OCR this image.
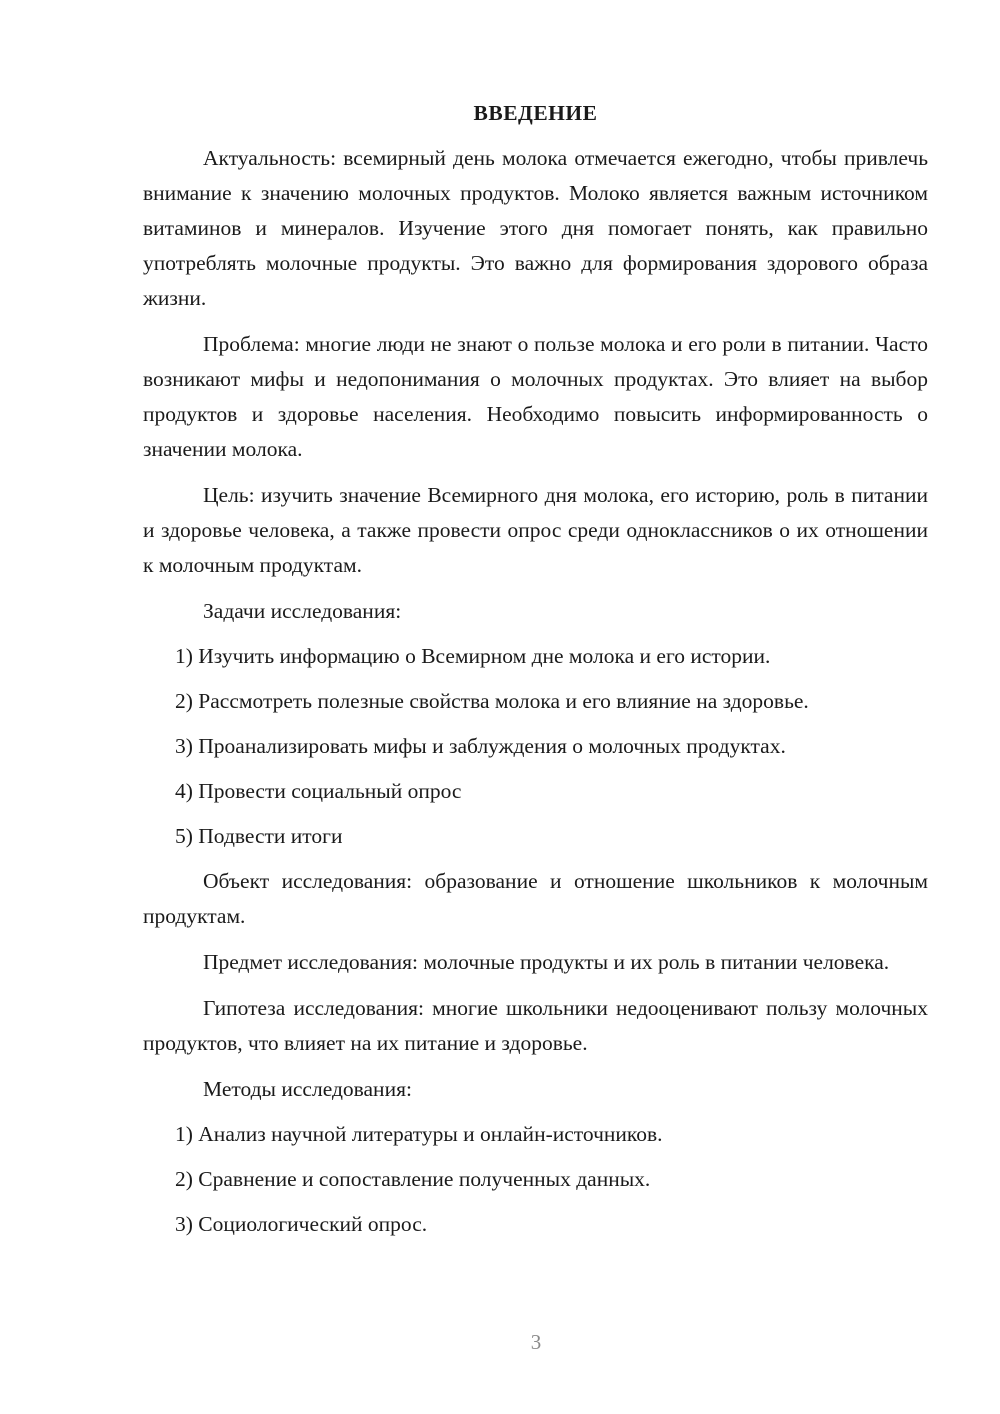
ВВЕДЕНИЕ

Актуальность: всемирный день молока отмечается ежегодно, чтобы привлечь внимание к значению молочных продуктов. Молоко является важным источником витаминов и минералов. Изучение этого дня помогает понять, как правильно употреблять молочные продукты. Это важно для формирования здорового образа жизни.

Проблема: многие люди не знают о пользе молока и его роли в питании. Часто возникают мифы и недопонимания о молочных продуктах. Это влияет на выбор продуктов и здоровье населения. Необходимо повысить информированность о значении молока.

Цель: изучить значение Всемирного дня молока, его историю, роль в питании и здоровье человека, а также провести опрос среди одноклассников о их отношении к молочным продуктам.

Задачи исследования:
1) Изучить информацию о Всемирном дне молока и его истории.
2) Рассмотреть полезные свойства молока и его влияние на здоровье.
3) Проанализировать мифы и заблуждения о молочных продуктах.
4) Провести социальный опрос
5) Подвести итоги

Объект исследования: образование и отношение школьников к молочным продуктам.

Предмет исследования: молочные продукты и их роль в питании человека.

Гипотеза исследования: многие школьники недооценивают пользу молочных продуктов, что влияет на их питание и здоровье.

Методы исследования:
1) Анализ научной литературы и онлайн-источников.
2) Сравнение и сопоставление полученных данных.
3) Социологический опрос.
3
